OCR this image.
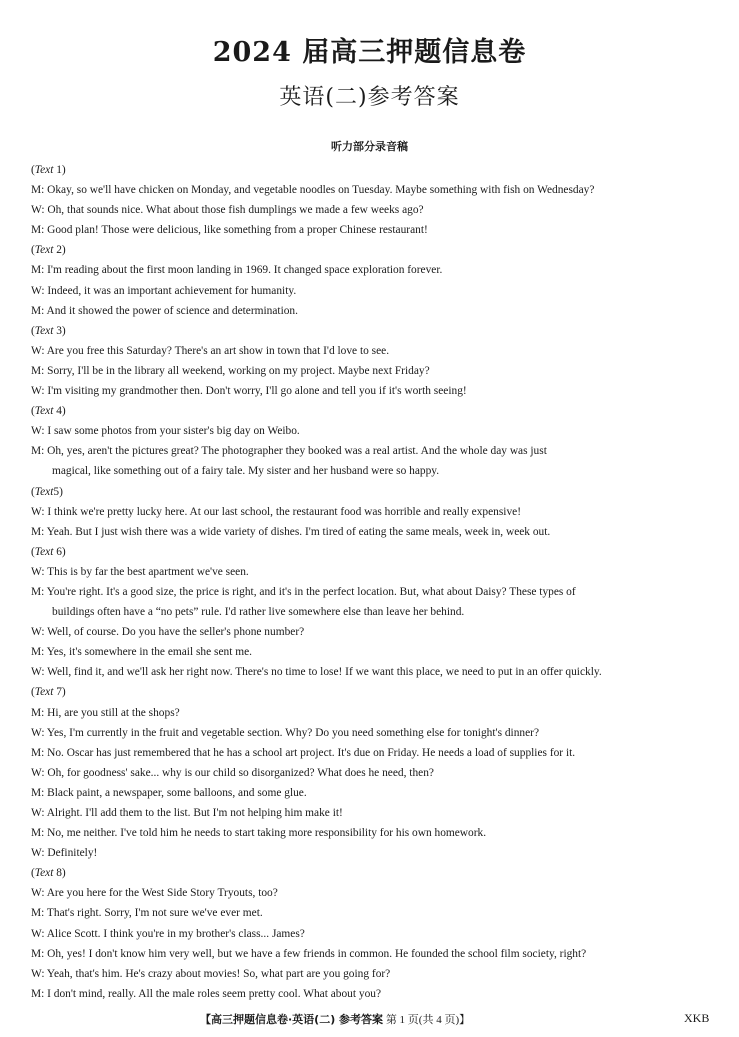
2024 届高三押题信息卷
英语(二)参考答案
听力部分录音稿
(Text 1)
M: Okay, so we'll have chicken on Monday, and vegetable noodles on Tuesday. Maybe something with fish on Wednesday?
W: Oh, that sounds nice. What about those fish dumplings we made a few weeks ago?
M: Good plan! Those were delicious, like something from a proper Chinese restaurant!
(Text 2)
M: I'm reading about the first moon landing in 1969. It changed space exploration forever.
W: Indeed, it was an important achievement for humanity.
M: And it showed the power of science and determination.
(Text 3)
W: Are you free this Saturday? There's an art show in town that I'd love to see.
M: Sorry, I'll be in the library all weekend, working on my project. Maybe next Friday?
W: I'm visiting my grandmother then. Don't worry, I'll go alone and tell you if it's worth seeing!
(Text 4)
W: I saw some photos from your sister's big day on Weibo.
M: Oh, yes, aren't the pictures great? The photographer they booked was a real artist. And the whole day was just
magical, like something out of a fairy tale. My sister and her husband were so happy.
(Text5)
W: I think we're pretty lucky here. At our last school, the restaurant food was horrible and really expensive!
M: Yeah. But I just wish there was a wide variety of dishes. I'm tired of eating the same meals, week in, week out.
(Text 6)
W: This is by far the best apartment we've seen.
M: You're right. It's a good size, the price is right, and it's in the perfect location. But, what about Daisy? These types of
buildings often have a “no pets” rule. I'd rather live somewhere else than leave her behind.
W: Well, of course. Do you have the seller's phone number?
M: Yes, it's somewhere in the email she sent me.
W: Well, find it, and we'll ask her right now. There's no time to lose! If we want this place, we need to put in an offer quickly.
(Text 7)
M: Hi, are you still at the shops?
W: Yes, I'm currently in the fruit and vegetable section. Why? Do you need something else for tonight's dinner?
M: No. Oscar has just remembered that he has a school art project. It's due on Friday. He needs a load of supplies for it.
W: Oh, for goodness' sake... why is our child so disorganized? What does he need, then?
M: Black paint, a newspaper, some balloons, and some glue.
W: Alright. I'll add them to the list. But I'm not helping him make it!
M: No, me neither. I've told him he needs to start taking more responsibility for his own homework.
W: Definitely!
(Text 8)
W: Are you here for the West Side Story Tryouts, too?
M: That's right. Sorry, I'm not sure we've ever met.
W: Alice Scott. I think you're in my brother's class... James?
M: Oh, yes! I don't know him very well, but we have a few friends in common. He founded the school film society, right?
W: Yeah, that's him. He's crazy about movies! So, what part are you going for?
M: I don't mind, really. All the male roles seem pretty cool. What about you?
【高三押题信息卷·英语(二) 参考答案 第 1 页(共 4 页)】	XKB
